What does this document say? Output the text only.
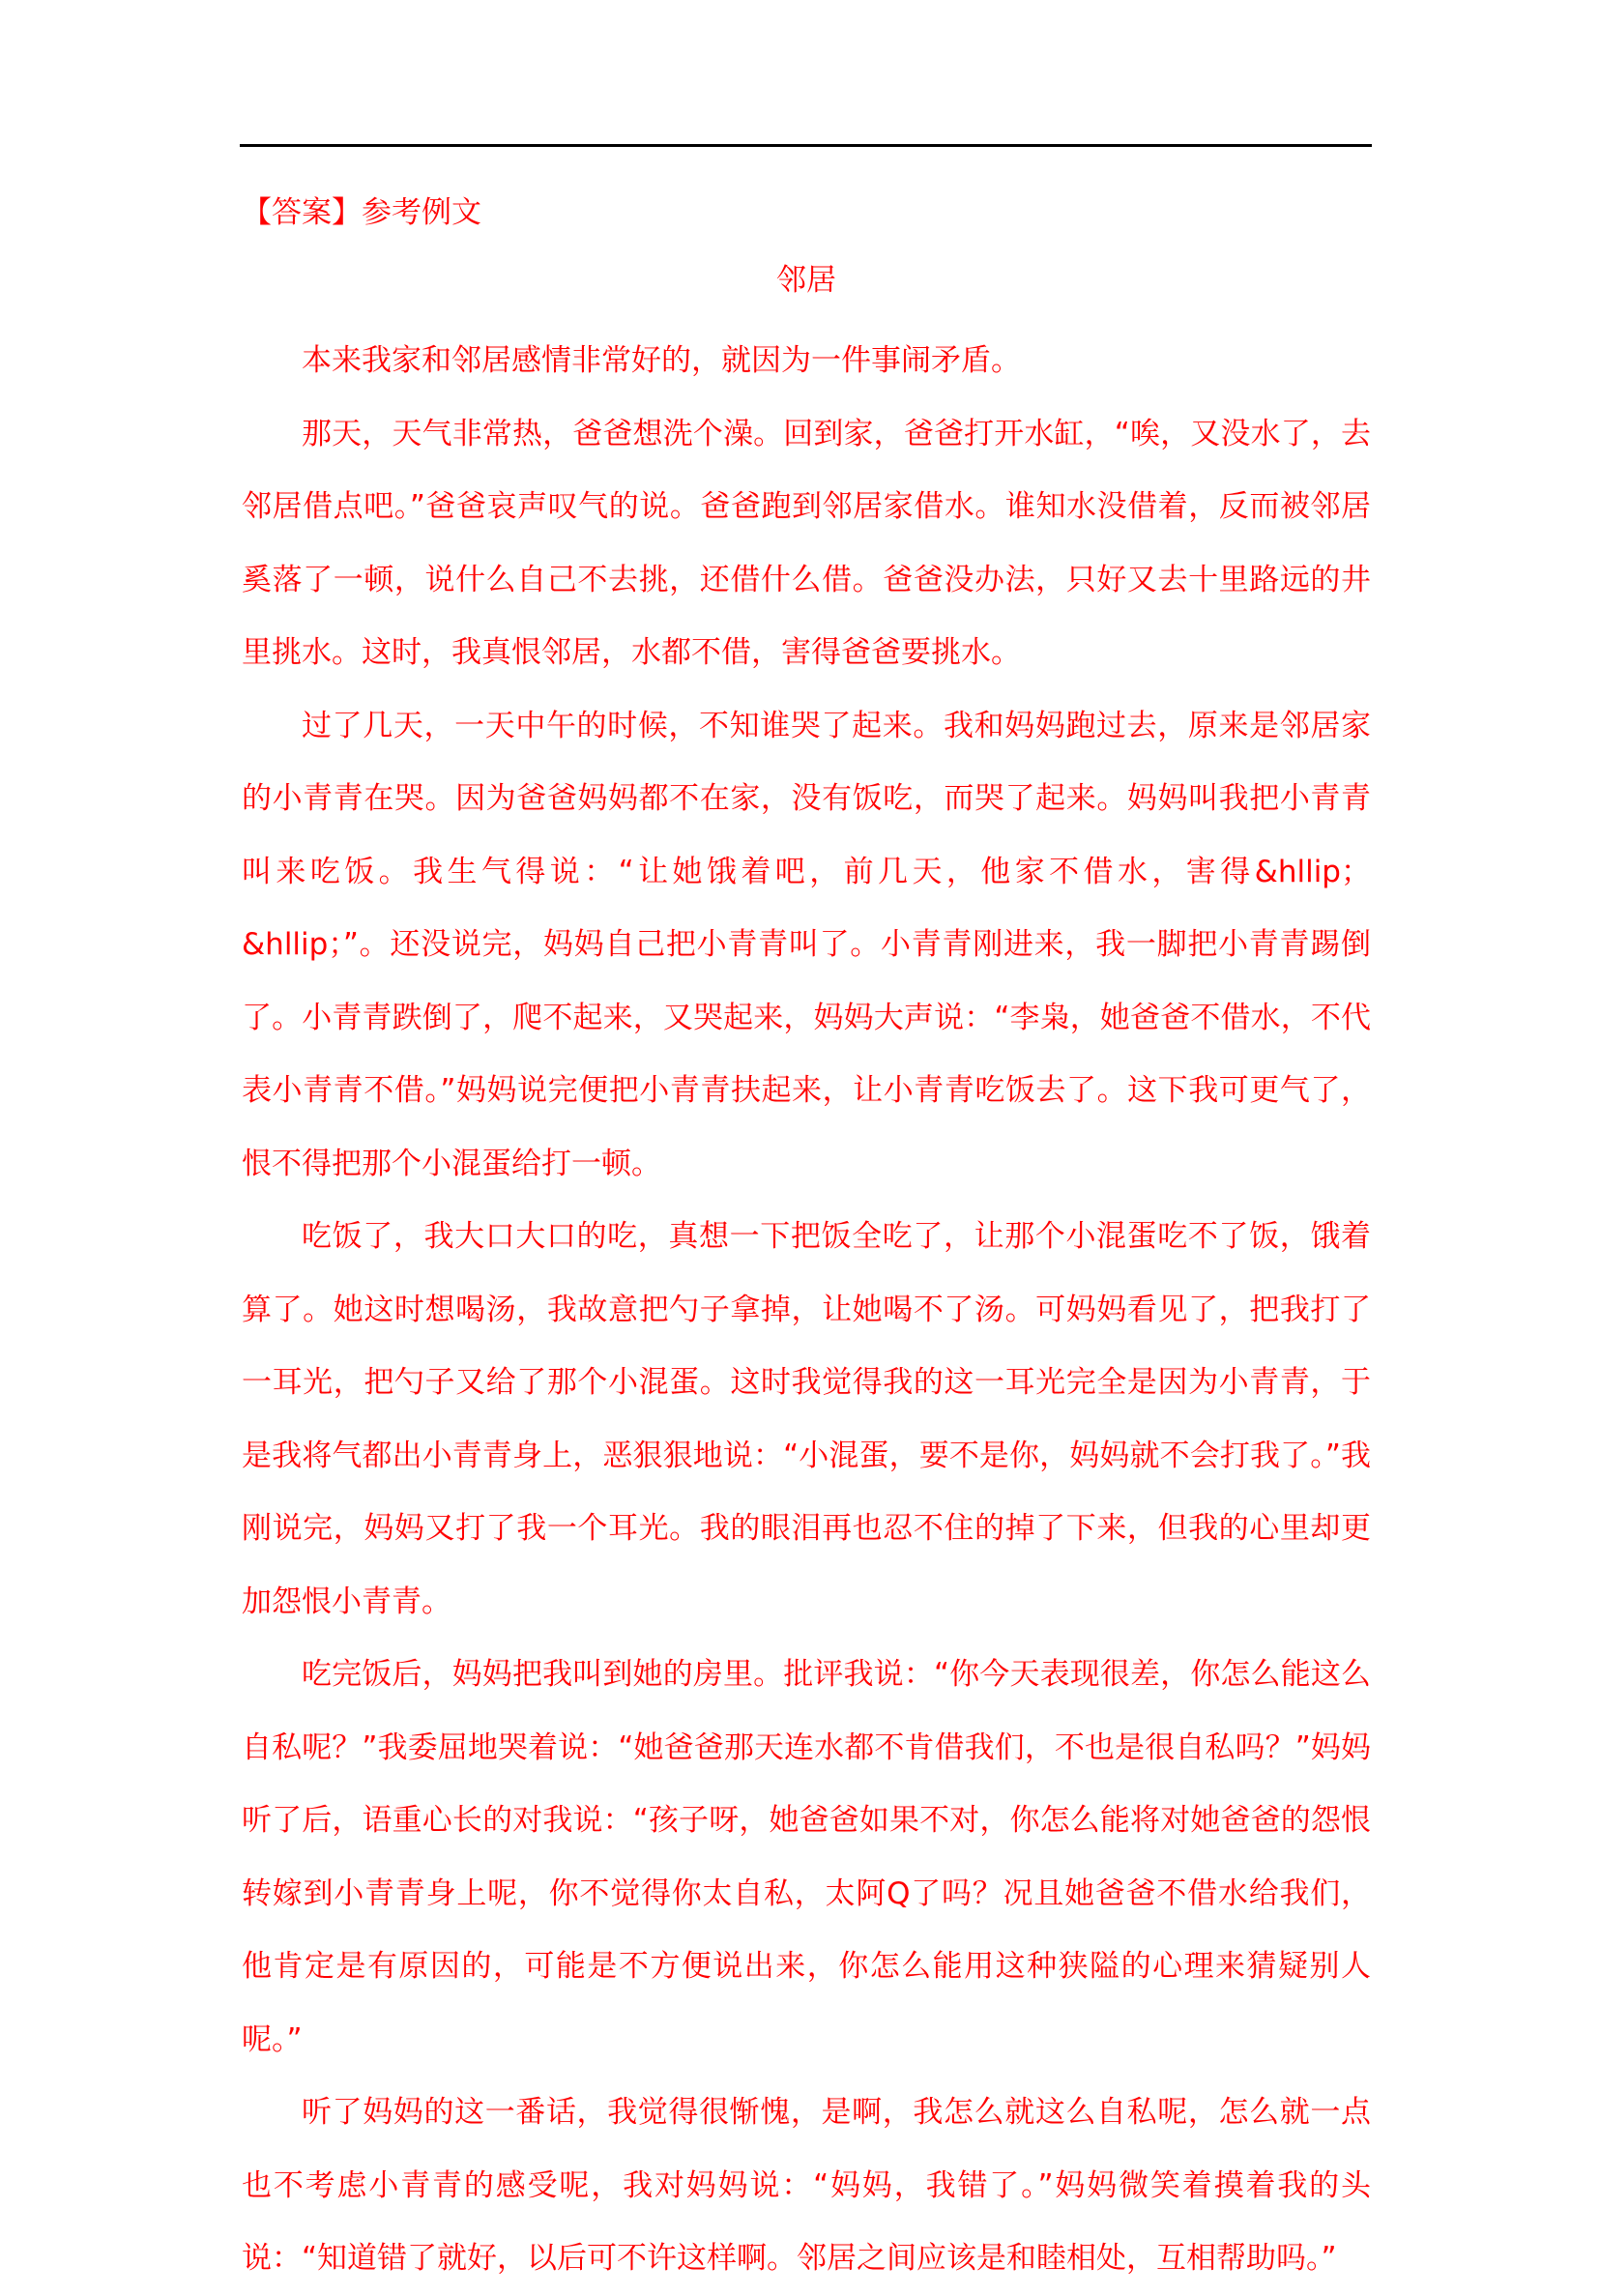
【答案】参考例文

邻居

本来我家和邻居感情非常好的，就因为一件事闹矛盾。

那天，天气非常热，爸爸想洗个澡。回到家，爸爸打开水缸，“唉，又没水了，去邻居借点吧。”爸爸哀声叹气的说。爸爸跑到邻居家借水。谁知水没借着，反而被邻居奚落了一顿，说什么自己不去挑，还借什么借。爸爸没办法，只好又去十里路远的井里挑水。这时，我真恨邻居，水都不借，害得爸爸要挑水。

过了几天，一天中午的时候，不知谁哭了起来。我和妈妈跑过去，原来是邻居家的小青青在哭。因为爸爸妈妈都不在家，没有饭吃，而哭了起来。妈妈叫我把小青青叫来吃饭。我生气得说：“让她饿着吧，前几天，他家不借水，害得&hllip；&hllip；”。还没说完，妈妈自己把小青青叫了。小青青刚进来，我一脚把小青青踢倒了。小青青跌倒了，爬不起来，又哭起来，妈妈大声说：“李枭，她爸爸不借水，不代表小青青不借。”妈妈说完便把小青青扶起来，让小青青吃饭去了。这下我可更气了，恨不得把那个小混蛋给打一顿。

吃饭了，我大口大口的吃，真想一下把饭全吃了，让那个小混蛋吃不了饭，饿着算了。她这时想喝汤，我故意把勺子拿掉，让她喝不了汤。可妈妈看见了，把我打了一耳光，把勺子又给了那个小混蛋。这时我觉得我的这一耳光完全是因为小青青，于是我将气都出小青青身上，恶狠狠地说：“小混蛋，要不是你，妈妈就不会打我了。”我刚说完，妈妈又打了我一个耳光。我的眼泪再也忍不住的掉了下来，但我的心里却更加怨恨小青青。

吃完饭后，妈妈把我叫到她的房里。批评我说：“你今天表现很差，你怎么能这么自私呢？”我委屈地哭着说：“她爸爸那天连水都不肯借我们，不也是很自私吗？”妈妈听了后，语重心长的对我说：“孩子呀，她爸爸如果不对，你怎么能将对她爸爸的怨恨转嫁到小青青身上呢，你不觉得你太自私，太阿Q了吗？况且她爸爸不借水给我们，他肯定是有原因的，可能是不方便说出来，你怎么能用这种狭隘的心理来猜疑别人呢。”

听了妈妈的这一番话，我觉得很惭愧，是啊，我怎么就这么自私呢，怎么就一点也不考虑小青青的感受呢，我对妈妈说：“妈妈，我错了。”妈妈微笑着摸着我的头说：“知道错了就好，以后可不许这样啊。邻居之间应该是和睦相处，互相帮助吗。”
